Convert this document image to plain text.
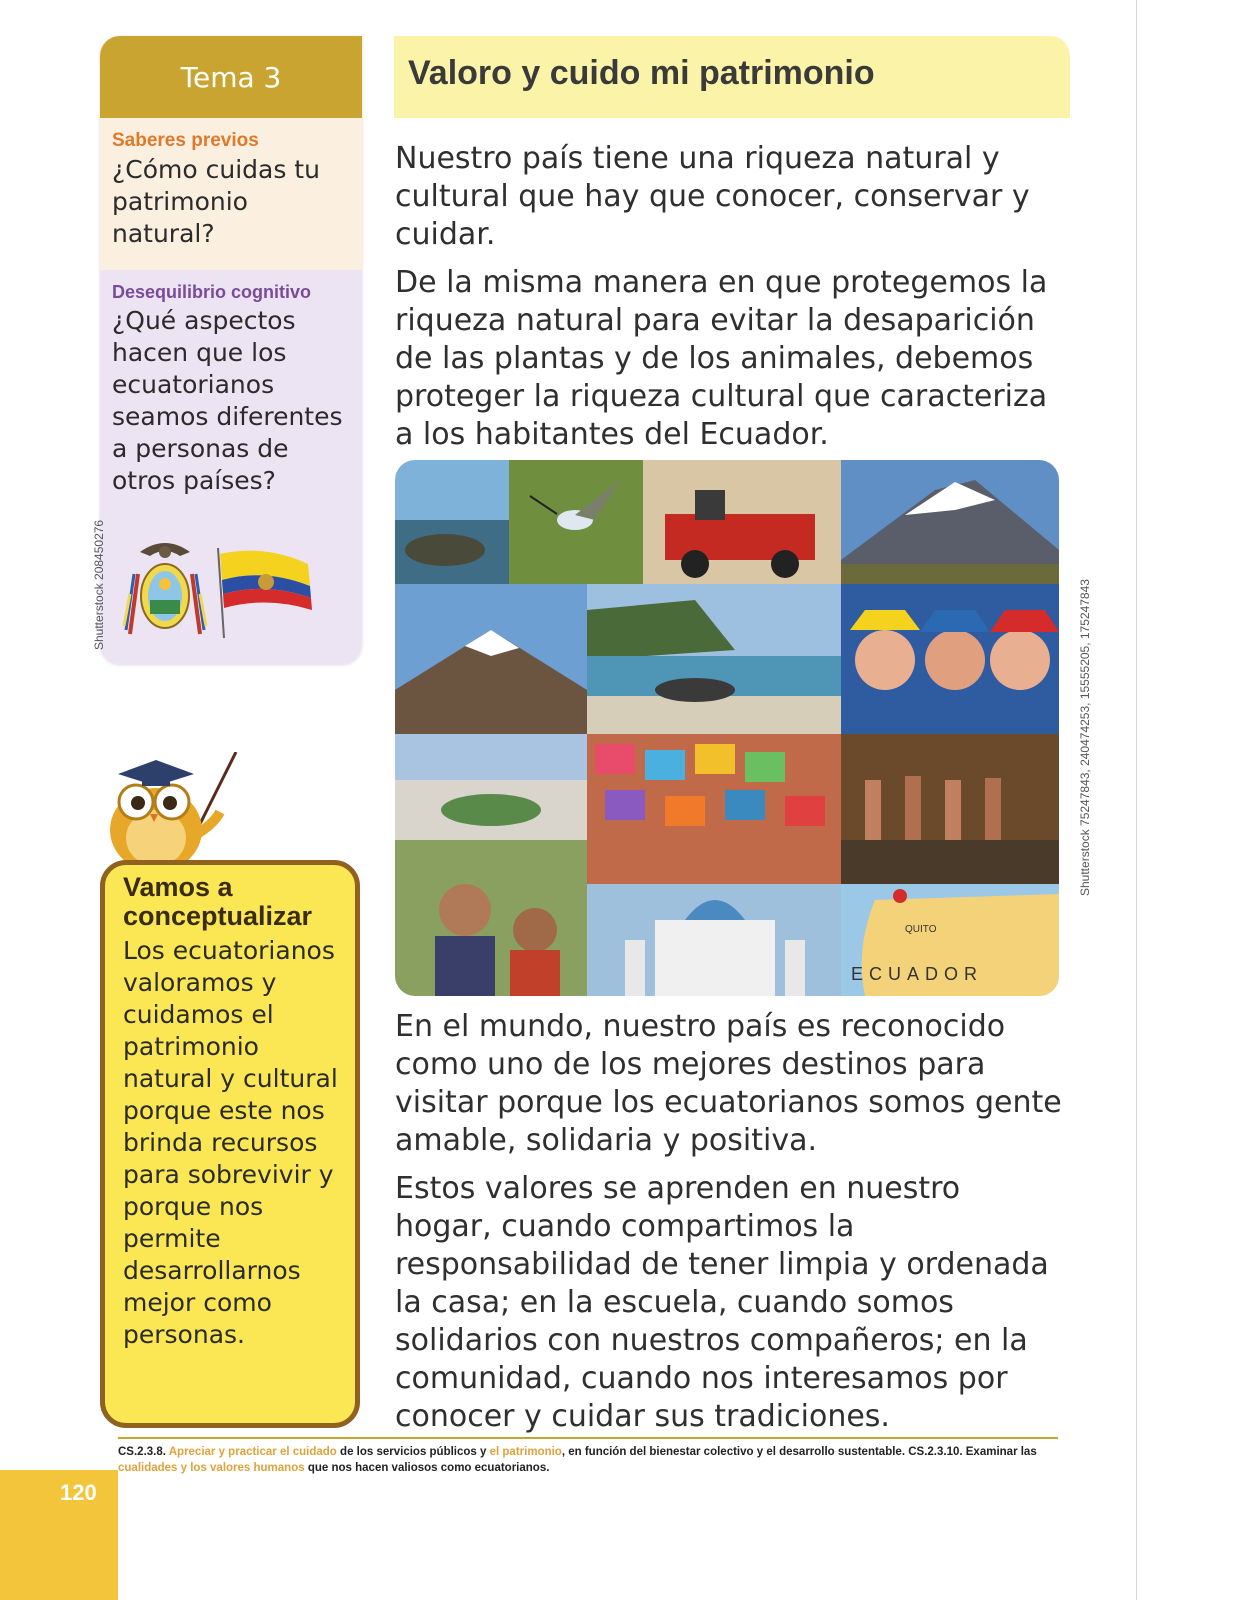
Tema 3
Saberes previos
¿Cómo cuidas tu patrimonio natural?
Desequilibrio cognitivo
¿Qué aspectos hacen que los ecuatorianos seamos diferentes a personas de otros países?
Shutterstock 208450276
Vamos a conceptualizar
Los ecuatorianos valoramos y cuidamos el patrimonio natural y cultural porque este nos brinda recursos para sobrevivir y porque nos permite desarrollarnos mejor como personas.
120
Valoro y cuido mi patrimonio
Nuestro país tiene una riqueza natural y cultural que hay que conocer, conservar y cuidar.
De la misma manera en que protegemos la riqueza natural para evitar la desaparición de las plantas y de los animales, debemos proteger la riqueza cultural que caracteriza a los habitantes del Ecuador.
QUITO
ECUADOR
Shutterstock 75247843, 240474253, 15555205, 175247843
En el mundo, nuestro país es reconocido como uno de los mejores destinos para visitar porque los ecuatorianos somos gente amable, solidaria y positiva.
Estos valores se aprenden en nuestro hogar, cuando compartimos la responsabilidad de tener limpia y ordenada la casa; en la escuela, cuando somos solidarios con nuestros compañeros; en la comunidad, cuando nos interesamos por conocer y cuidar sus tradiciones.
CS.2.3.8. Apreciar y practicar el cuidado de los servicios públicos y el patrimonio, en función del bienestar colectivo y el desarrollo sustentable. CS.2.3.10. Examinar las cualidades y los valores humanos que nos hacen valiosos como ecuatorianos.
